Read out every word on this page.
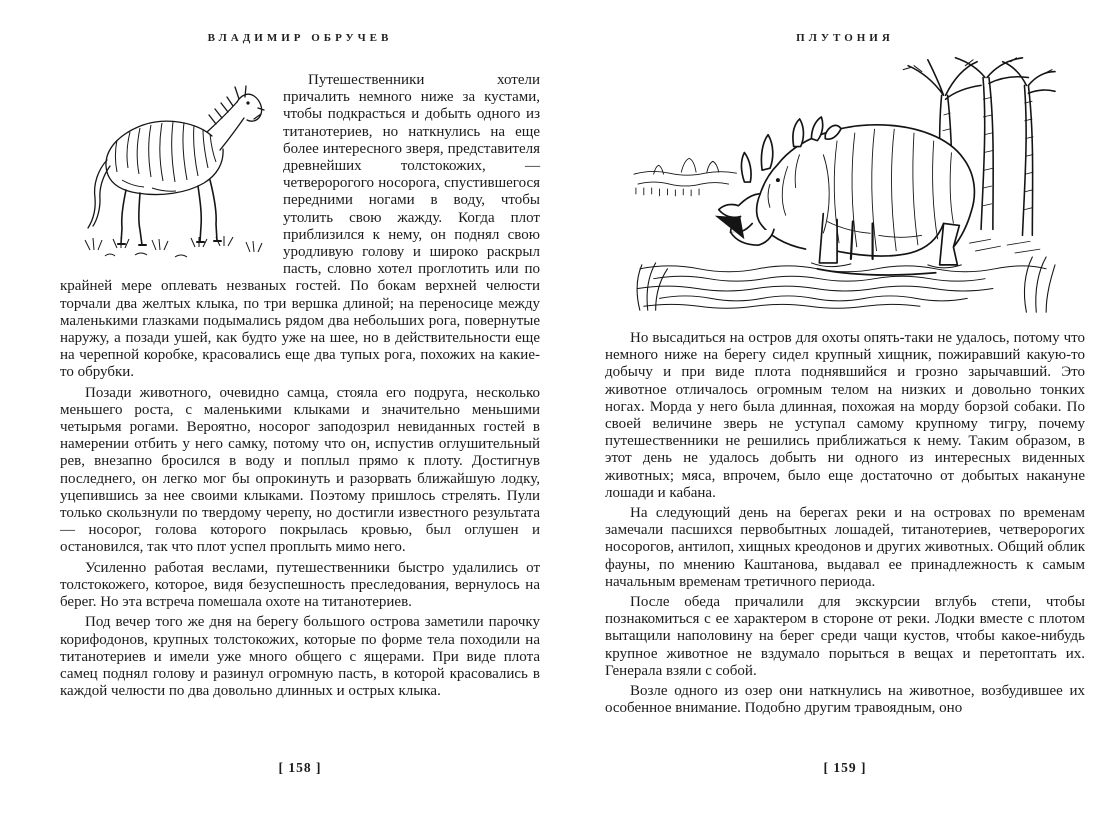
ВЛАДИМИР ОБРУЧЕВ

Путешественники хотели причалить немного ниже за кустами, чтобы подкрасться и добыть одного из титанотериев, но наткнулись на еще более интересного зверя, представителя древнейших толстокожих, — четверорогого носорога, спустившегося передними ногами в воду, чтобы утолить свою жажду. Когда плот приблизился к нему, он поднял свою уродливую голову и широко раскрыл пасть, словно хотел проглотить или по крайней мере оплевать незваных гостей. По бокам верхней челюсти торчали два желтых клыка, по три вершка длиной; на переносице между маленькими глазками подымались рядом два небольших рога, повернутые наружу, а позади ушей, как будто уже на шее, но в действительности еще на черепной коробке, красовались еще два тупых рога, похожих на какие-то обрубки.

Позади животного, очевидно самца, стояла его подруга, несколько меньшего роста, с маленькими клыками и значительно меньшими четырьмя рогами. Вероятно, носорог заподозрил невиданных гостей в намерении отбить у него самку, потому что он, испустив оглушительный рев, внезапно бросился в воду и поплыл прямо к плоту. Достигнув последнего, он легко мог бы опрокинуть и разорвать ближайшую лодку, уцепившись за нее своими клыками. Поэтому пришлось стрелять. Пули только скользнули по твердому черепу, но достигли известного результата — носорог, голова которого покрылась кровью, был оглушен и остановился, так что плот успел проплыть мимо него.

Усиленно работая веслами, путешественники быстро удалились от толстокожего, которое, видя безуспешность преследования, вернулось на берег. Но эта встреча помешала охоте на титанотериев.

Под вечер того же дня на берегу большого острова заметили парочку корифодонов, крупных толстокожих, которые по форме тела походили на титанотериев и имели уже много общего с ящерами. При виде плота самец поднял голову и разинул огромную пасть, в которой красовались в каждой челюсти по два довольно длинных и острых клыка.

[ 158 ]
ПЛУТОНИЯ

Но высадиться на остров для охоты опять-таки не удалось, потому что немного ниже на берегу сидел крупный хищник, пожиравший какую-то добычу и при виде плота поднявшийся и грозно зарычавший. Это животное отличалось огромным телом на низких и довольно тонких ногах. Морда у него была длинная, похожая на морду борзой собаки. По своей величине зверь не уступал самому крупному тигру, почему путешественники не решились приближаться к нему. Таким образом, в этот день не удалось добыть ни одного из интересных виденных животных; мяса, впрочем, было еще достаточно от добытых накануне лошади и кабана.

На следующий день на берегах реки и на островах по временам замечали пасшихся первобытных лошадей, титанотериев, четверорогих носорогов, антилоп, хищных креодонов и других животных. Общий облик фауны, по мнению Каштанова, выдавал ее принадлежность к самым начальным временам третичного периода.

После обеда причалили для экскурсии вглубь степи, чтобы познакомиться с ее характером в стороне от реки. Лодки вместе с плотом вытащили наполовину на берег среди чащи кустов, чтобы какое-нибудь крупное животное не вздумало порыться в вещах и перетоптать их. Генерала взяли с собой.

Возле одного из озер они наткнулись на животное, возбудившее их особенное внимание. Подобно другим травоядным, оно

[ 159 ]
